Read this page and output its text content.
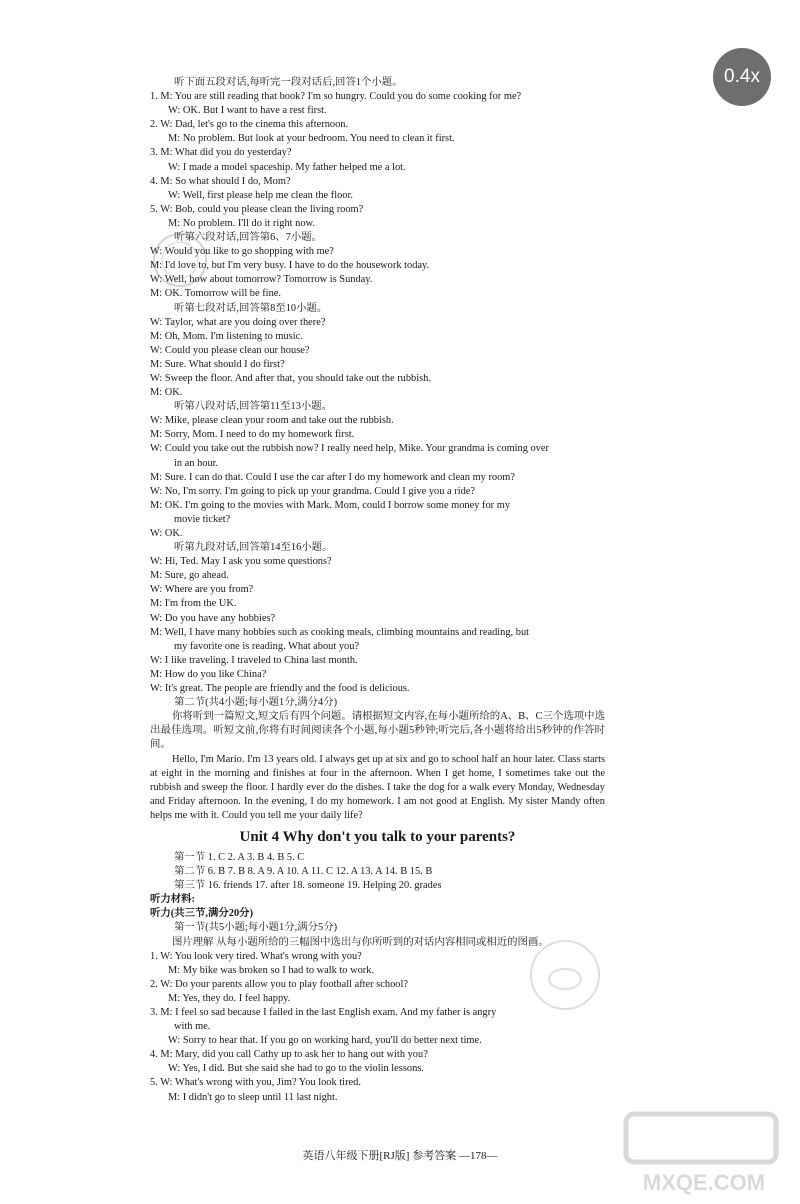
听下面五段对话,每听完一段对话后,回答1个小题。
1. M: You are still reading that book? I'm so hungry. Could you do some cooking for me?
W: OK. But I want to have a rest first.
2. W: Dad, let's go to the cinema this afternoon.
M: No problem. But look at your bedroom. You need to clean it first.
3. M: What did you do yesterday?
W: I made a model spaceship. My father helped me a lot.
4. M: So what should I do, Mom?
W: Well, first please help me clean the floor.
5. W: Bob, could you please clean the living room?
M: No problem. I'll do it right now.
听第六段对话,回答第6、7小题。
W: Would you like to go shopping with me?
M: I'd love to, but I'm very busy. I have to do the housework today.
W: Well, how about tomorrow? Tomorrow is Sunday.
M: OK. Tomorrow will be fine.
听第七段对话,回答第8至10小题。
W: Taylor, what are you doing over there?
M: Oh, Mom. I'm listening to music.
W: Could you please clean our house?
M: Sure. What should I do first?
W: Sweep the floor. And after that, you should take out the rubbish.
M: OK.
听第八段对话,回答第11至13小题。
W: Mike, please clean your room and take out the rubbish.
M: Sorry, Mom. I need to do my homework first.
W: Could you take out the rubbish now? I really need help, Mike. Your grandma is coming over
in an hour.
M: Sure. I can do that. Could I use the car after I do my homework and clean my room?
W: No, I'm sorry. I'm going to pick up your grandma. Could I give you a ride?
M: OK. I'm going to the movies with Mark. Mom, could I borrow some money for my
movie ticket?
W: OK.
听第九段对话,回答第14至16小题。
W: Hi, Ted. May I ask you some questions?
M: Sure, go ahead.
W: Where are you from?
M: I'm from the UK.
W: Do you have any hobbies?
M: Well, I have many hobbies such as cooking meals, climbing mountains and reading, but
my favorite one is reading. What about you?
W: I like traveling. I traveled to China last month.
M: How do you like China?
W: It's great. The people are friendly and the food is delicious.
第二节(共4小题;每小题1分,满分4分)
你将听到一篇短文,短文后有四个问题。请根据短文内容,在每小题所给的A、B、C三个选项中选出最佳选项。听短文前,你将有时间阅读各个小题,每小题5秒钟;听完后,各小题将给出5秒钟的作答时间。
Hello, I'm Mario. I'm 13 years old. I always get up at six and go to school half an hour later. Class starts at eight in the morning and finishes at four in the afternoon. When I get home, I sometimes take out the rubbish and sweep the floor. I hardly ever do the dishes. I take the dog for a walk every Monday, Wednesday and Friday afternoon. In the evening, I do my homework. I am not good at English. My sister Mandy often helps me with it. Could you tell me your daily life?
Unit 4 Why don't you talk to your parents?
第一节 1. C 2. A 3. B 4. B 5. C
第二节 6. B 7. B 8. A 9. A 10. A 11. C 12. A 13. A 14. B 15. B
第三节 16. friends 17. after 18. someone 19. Helping 20. grades
听力材料:
听力(共三节,满分20分)
第一节(共5小题;每小题1分,满分5分)
图片理解 从每小题所给的三幅图中选出与你所听到的对话内容相同或相近的图画。
1. W: You look very tired. What's wrong with you?
M: My bike was broken so I had to walk to work.
2. W: Do your parents allow you to play football after school?
M: Yes, they do. I feel happy.
3. M: I feel so sad because I failed in the last English exam. And my father is angry
with me.
W: Sorry to hear that. If you go on working hard, you'll do better next time.
4. M: Mary, did you call Cathy up to ask her to hang out with you?
W: Yes, I did. But she said she had to go to the violin lessons.
5. W: What's wrong with you, Jim? You look tired.
M: I didn't go to sleep until 11 last night.
英语八年级下册[RJ版] 参考答案 —178—
MXQE.COM
0.4x
